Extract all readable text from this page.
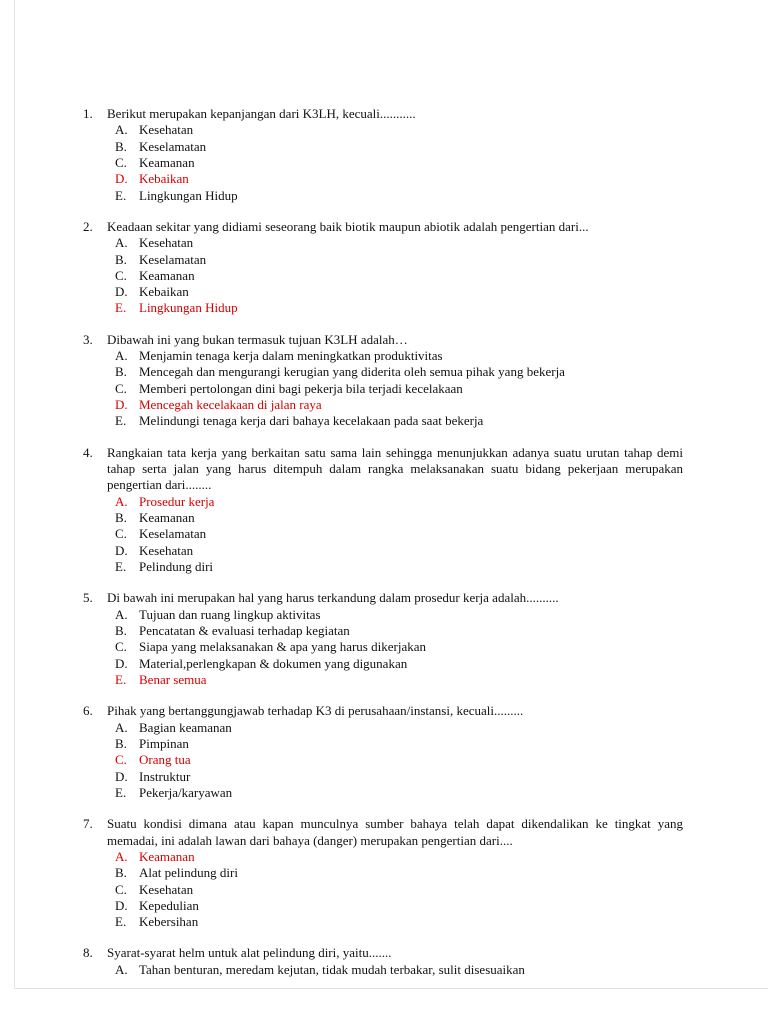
1.	Berikut merupakan kepanjangan dari K3LH, kecuali...........
A. Kesehatan
B. Keselamatan
C. Keamanan
D. Kebaikan
E. Lingkungan Hidup
2.	Keadaan sekitar yang didiami seseorang baik biotik maupun abiotik adalah pengertian dari...
A. Kesehatan
B. Keselamatan
C. Keamanan
D. Kebaikan
E. Lingkungan Hidup
3.	Dibawah ini yang bukan termasuk tujuan K3LH adalah…
A. Menjamin tenaga kerja dalam meningkatkan produktivitas
B. Mencegah dan mengurangi kerugian yang diderita oleh semua pihak yang bekerja
C. Memberi pertolongan dini bagi pekerja bila terjadi kecelakaan
D. Mencegah kecelakaan di jalan raya
E. Melindungi tenaga kerja dari bahaya kecelakaan pada saat bekerja
4.	Rangkaian tata kerja yang berkaitan satu sama lain sehingga menunjukkan adanya suatu urutan tahap demi tahap serta jalan yang harus ditempuh dalam rangka melaksanakan suatu bidang pekerjaan merupakan pengertian dari........
A. Prosedur kerja
B. Keamanan
C. Keselamatan
D. Kesehatan
E. Pelindung diri
5.	Di bawah ini merupakan hal yang harus terkandung dalam prosedur kerja adalah..........
A. Tujuan dan ruang lingkup aktivitas
B. Pencatatan & evaluasi terhadap kegiatan
C. Siapa yang melaksanakan & apa yang harus dikerjakan
D. Material,perlengkapan & dokumen yang digunakan
E. Benar semua
6.	Pihak yang bertanggungjawab terhadap K3 di perusahaan/instansi, kecuali.........
A. Bagian keamanan
B. Pimpinan
C. Orang tua
D. Instruktur
E. Pekerja/karyawan
7.	Suatu kondisi dimana atau kapan munculnya sumber bahaya telah dapat dikendalikan ke tingkat yang memadai, ini adalah lawan dari bahaya (danger) merupakan pengertian dari....
A. Keamanan
B. Alat pelindung diri
C. Kesehatan
D. Kepedulian
E. Kebersihan
8.	Syarat-syarat helm untuk alat pelindung diri, yaitu.......
A. Tahan benturan, meredam kejutan, tidak mudah terbakar, sulit disesuaikan
